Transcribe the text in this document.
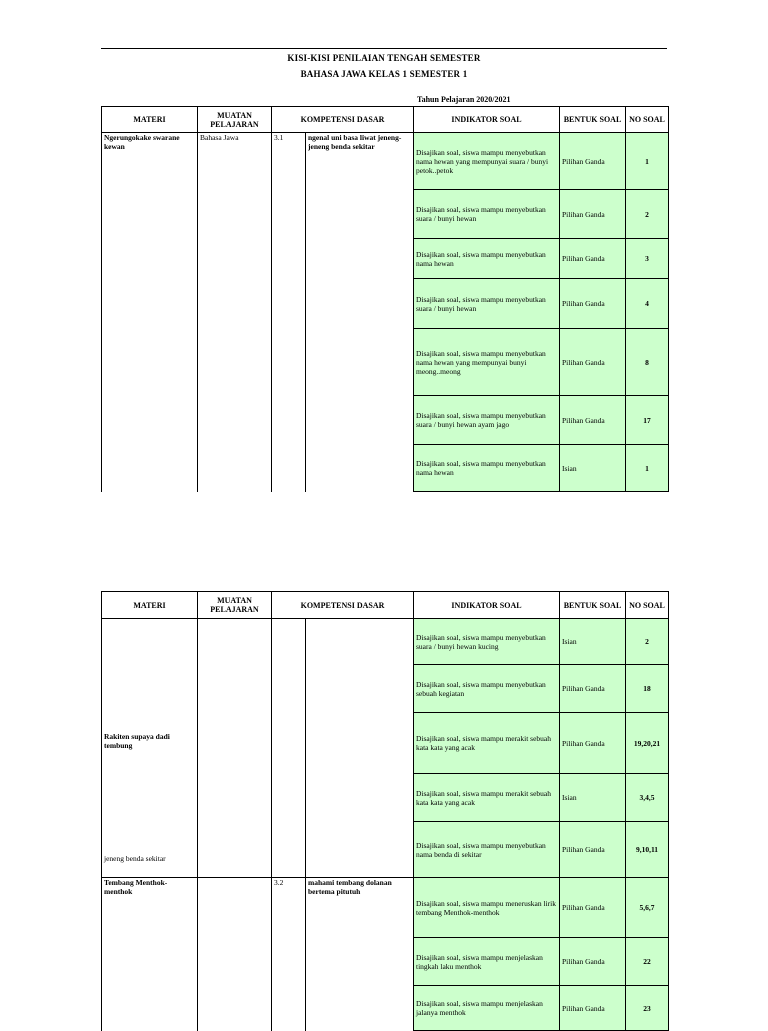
KISI-KISI PENILAIAN TENGAH SEMESTER
BAHASA JAWA KELAS 1 SEMESTER 1
Tahun Pelajaran 2020/2021
MATERI	MUATAN PELAJARAN	KOMPETENSI DASAR		INDIKATOR SOAL	BENTUK SOAL	NO SOAL
Ngerungokake swarane kewan	Bahasa Jawa	3.1	ngenal uni basa liwat jeneng-jeneng benda sekitar	Disajikan soal, siswa mampu menyebutkan nama hewan yang mempunyai suara / bunyi petok..petok	Pilihan Ganda	1
				Disajikan soal, siswa mampu menyebutkan suara / bunyi hewan	Pilihan Ganda	2
				Disajikan soal, siswa mampu menyebutkan nama hewan	Pilihan Ganda	3
				Disajikan soal, siswa mampu menyebutkan suara / bunyi hewan	Pilihan Ganda	4
				Disajikan soal, siswa mampu menyebutkan nama hewan yang mempunyai bunyi meong..meong	Pilihan Ganda	8
				Disajikan soal, siswa mampu menyebutkan suara / bunyi hewan ayam jago	Pilihan Ganda	17
				Disajikan soal, siswa mampu menyebutkan nama hewan	Isian	1
MATERI	MUATAN PELAJARAN	KOMPETENSI DASAR		INDIKATOR SOAL	BENTUK SOAL	NO SOAL
Rakiten supaya dadi tembung				Disajikan soal, siswa mampu menyebutkan suara / bunyi hewan kucing	Isian	2
				Disajikan soal, siswa mampu menyebutkan sebuah kegiatan	Pilihan Ganda	18
				Disajikan soal, siswa mampu merakit sebuah kata kata yang acak	Pilihan Ganda	19,20,21
jeneng benda sekitar				Disajikan soal, siswa mampu merakit sebuah kata kata yang acak	Isian	3,4,5
				Disajikan soal, siswa mampu menyebutkan nama benda di sekitar	Pilihan Ganda	9,10,11
Tembang Menthok-menthok		3.2	mahami tembang dolanan bertema pitutuh	Disajikan soal, siswa mampu meneruskan lirik tembang Menthok-menthok	Pilihan Ganda	5,6,7
				Disajikan soal, siswa mampu menjelaskan tingkah laku menthok	Pilihan Ganda	22
				Disajikan soal, siswa mampu menjelaskan jalanya menthok	Pilihan Ganda	23
